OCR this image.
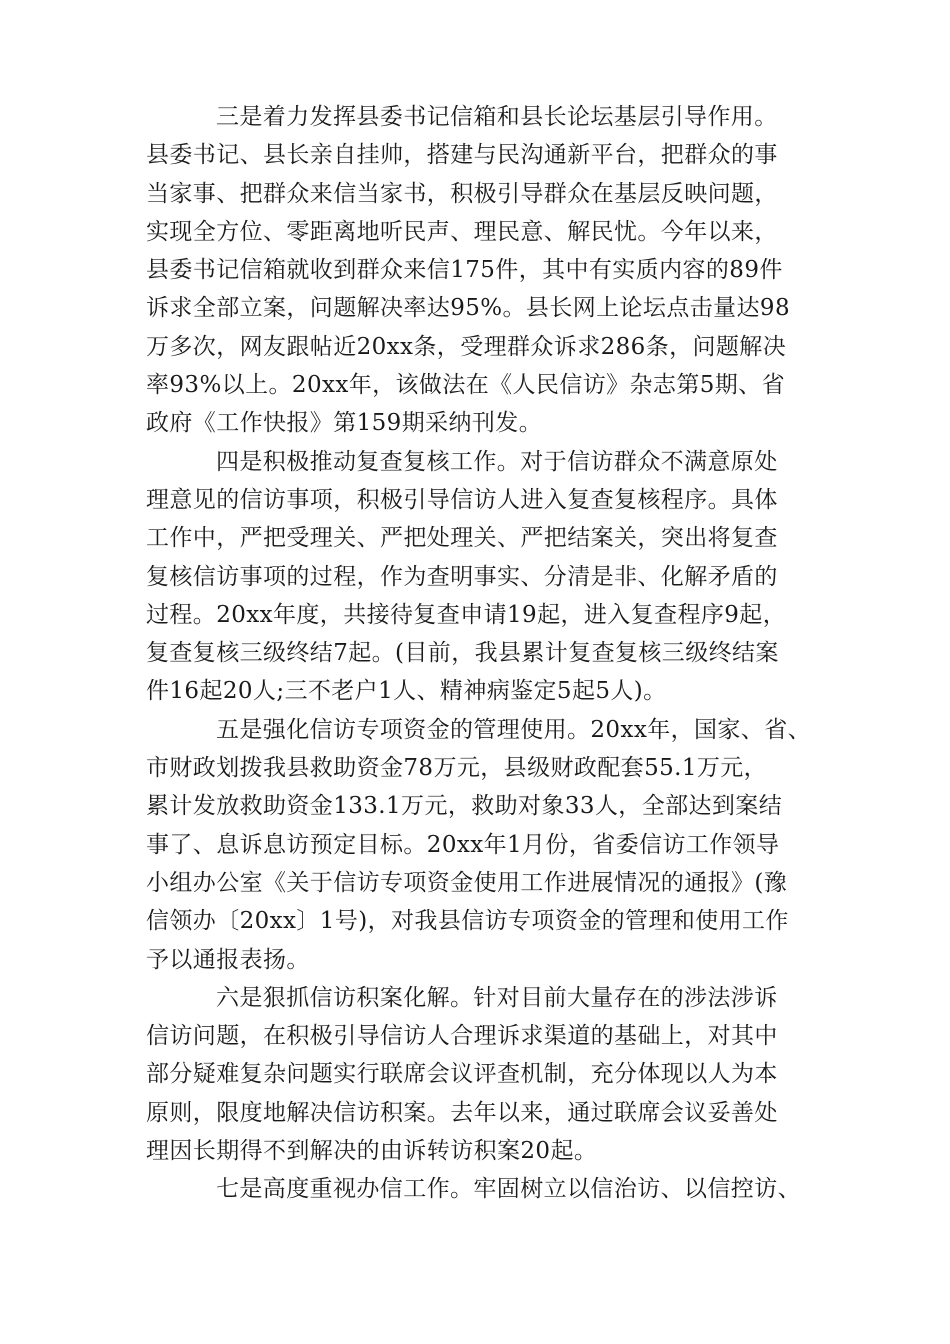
三是着力发挥县委书记信箱和县长论坛基层引导作用。
县委书记、县长亲自挂帅，搭建与民沟通新平台，把群众的事
当家事、把群众来信当家书，积极引导群众在基层反映问题，
实现全方位、零距离地听民声、理民意、解民忧。今年以来，
县委书记信箱就收到群众来信175件，其中有实质内容的89件
诉求全部立案，问题解决率达95%。县长网上论坛点击量达98
万多次，网友跟帖近20xx条，受理群众诉求286条，问题解决
率93%以上。20xx年，该做法在《人民信访》杂志第5期、省
政府《工作快报》第159期采纳刊发。
四是积极推动复查复核工作。对于信访群众不满意原处
理意见的信访事项，积极引导信访人进入复查复核程序。具体
工作中，严把受理关、严把处理关、严把结案关，突出将复查
复核信访事项的过程，作为查明事实、分清是非、化解矛盾的
过程。20xx年度，共接待复查申请19起，进入复查程序9起，
复查复核三级终结7起。(目前，我县累计复查复核三级终结案
件16起20人;三不老户1人、精神病鉴定5起5人)。
五是强化信访专项资金的管理使用。20xx年，国家、省、
市财政划拨我县救助资金78万元，县级财政配套55.1万元，
累计发放救助资金133.1万元，救助对象33人，全部达到案结
事了、息诉息访预定目标。20xx年1月份，省委信访工作领导
小组办公室《关于信访专项资金使用工作进展情况的通报》(豫
信领办〔20xx〕1号)，对我县信访专项资金的管理和使用工作
予以通报表扬。
六是狠抓信访积案化解。针对目前大量存在的涉法涉诉
信访问题，在积极引导信访人合理诉求渠道的基础上，对其中
部分疑难复杂问题实行联席会议评查机制，充分体现以人为本
原则，限度地解决信访积案。去年以来，通过联席会议妥善处
理因长期得不到解决的由诉转访积案20起。
七是高度重视办信工作。牢固树立以信治访、以信控访、
